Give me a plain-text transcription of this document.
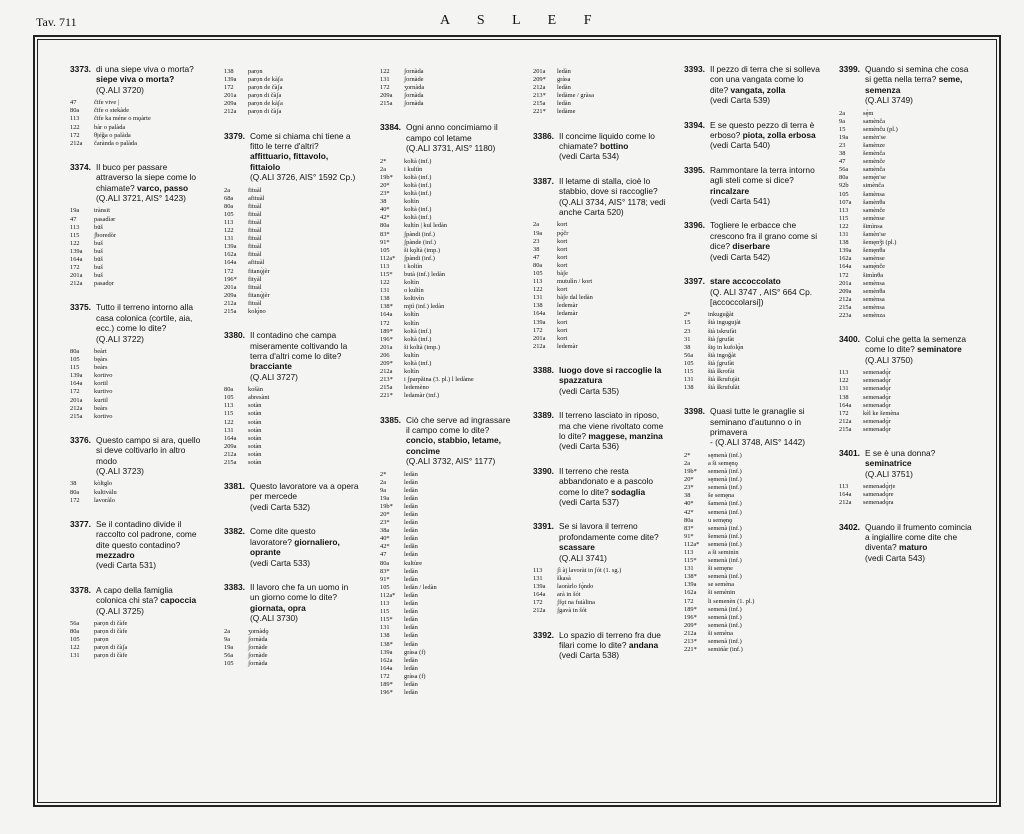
Tav. 711	A S L E F
3373. di una siepe viva o morta? siepe viva o morta?
(Q.ALI 3720)
47	čife vive |
80a	čife o stekàde
113	čife ka méne o mǫàrte
122	bàr o palàda
172	θjéǧa o palàda
212a	čarànda o palàda
3374. Il buco per passare attraverso la siepe come lo chiamate? varco, passo
(Q.ALI 3721, AIS° 1423)
19a	trànsit
47	pasadìǝr
113	büš
115	ʃboredòr
122	buš
139a	buš
164a	büš
172	buš
201a	buš
212a	pasadọr
3375. Tutto il terreno intorno alla casa colonica (cortile, aia, ecc.) come lo dite?
(Q.ALI 3722)
80a	beàrt
105	bęàrs
115	beàrs
139a	kortivo
164a	kortil
172	kurtivo
201a	kurtil
212a	beàrs
215a	kortivo
3376. Questo campo si ara, quello si deve coltivarlo in altro modo
(Q.ALI 3723)
38	kòltglo
80a	kultivàlu
172	lavoràlo
3377. Se il contadino divide il raccolto col padrone, come dite questo contadino? mezzadro
(vedi Carta 531)
3378. A capo della famiglia colonica chi sta? capoccia
(Q.ALI 3725)
56a	parọn di čàfe
80a	parọn di čàfe
105	parọn
122	parọn di čàʃa
131	parọn di čàfe
138	parọn
139a	parọn de kàʃa
172	parọn de čàʃa
201a	parọn di čàʃa
209a	parọn de kàʃa
212a	parọn di čàʃa
3379. Come si chiama chi tiene a fitto le terre d'altri? affittuario, fittavolo, fittaiolo
(Q.ALI 3726, AIS° 1592 Cp.)
2a	fituàl
68a	afituàl
80a	fituàl
105	fituàl
113	fituàl
122	fituàl
131	fituàl
139a	fituàl
162a	fituàl
164a	afituàl
172	fitanǫ̀jèr
196*	fityàl
201a	fituàl
209a	fitanǫ̀jèr
212a	fituàl
215a	kolǫ̀no
3380. Il contadino che campa miseramente coltivando la terra d'altri come lo dite? bracciante
(Q.ALI 3727)
80a	košàn
105	abresànt
113	sotàn
115	sotàn
122	sotàn
131	sotàn
164a	sotàn
209a	sotàn
212a	sotàn
215a	sotàn
3381. Questo lavoratore va a opera per mercede
(vedi Carta 532)
3382. Come dite questo lavoratore? giornaliero, oprante
(vedi Carta 533)
3383. Il lavoro che fa un uomo in un giorno come lo dite? giornata, opra
(Q.ALI 3730)
2a	ʒornàdǫ
9a	ʃornàda
19a	ʃornàde
56a	ʃornàde
105	ʃornàda
122	ʃornàda
131	ʃornàde
172	ʒornàda
209a	ʃornàda
215a	ʃornàda
3384. Ogni anno concimiamo il campo col letame
(Q.ALI 3731, AIS° 1180)
2*	koltà (inf.)
2a	i kultìn
19b*	koltà (inf.)
20*	koltà (inf.)
23*	koltà (inf.)
38	koltìn
40*	koltà (inf.)
42*	koltà (inf.)
80a	kultìn | kul ledàn
83*	ʃpàndi (inf.)
91*	ʃpànde (inf.)
105	ši kǫltà (imp.)
112a*	ʃpàndi (inf.)
113	i koltìn
115*	butà (inf.) ledàn
122	koltìn
131	o kultìn
138	koltivìn
138*	mjtì (inf.) ledàn
164a	koltìn
172	koltìn
189*	koltà (inf.)
196*	koltà (inf.)
201a	ši koltà (imp.)
206	kultìn
209*	koltà (inf.)
212a	koltìn
213*	i ʃparpǎina (3. pl.) l ledàme
215a	ledemèno
221*	ledamàr (inf.)
3385. Ciò che serve ad ingrassare il campo come lo dite? concio, stabbio, letame, concime
(Q.ALI 3732, AIS° 1177)
2*	ledàn
2a	ledàn
9a	ledàn
19a	ledàn
19b*	ledàn
20*	ledàn
23*	ledàn
38a	ledàn
40*	ledàn
42*	ledǎn
47	ledàn
80a	kultùre
83*	ledàn
91*	ledàn
105	ledàn / ledàn
112a*	ledàn
113	ledàn
115	ledàn
115*	ledàn
131	ledàn
138	ledàn
138*	ledàn
139a	gràsa (f)
162a	ledàn
164a	ledàn
172	gràsa (f)
189*	ledàn
196*	ledàn
201a	ledàn
209*	gràsa
212a	ledàn
213*	ledàme / gràsa
215a	ledàn
221*	ledàme
3386. Il concime liquido come lo chiamate? bottino
(vedi Carta 534)
3387. Il letame di stalla, cioè lo stabbio, dove si raccoglie?
(Q.ALI 3734, AIS° 1178; vedi anche Carta 520)
2a	kort
19a	pǫ̀čr
23	kort
38	kort
47	kort
80a	kort
105	bàʃe
113	mutulìn / kort
122	kort
131	bàʃe dal ledàn
138	ledemàr
164a	ledamàr
139a	kort
172	kort
201a	kort
212a	ledemàr
3388. luogo dove si raccoglie la spazzatura
(vedi Carta 535)
3389. Il terreno lasciato in riposo, ma che viene rivoltato come lo dite? maggese, manzina
(vedi Carta 536)
3390. Il terreno che resta abbandonato e a pascolo come lo dite? sodaglia
(vedi Carta 537)
3391. Se si lavora il terreno profondamente come dite? scassare
(Q.ALI 3741)
113	ʃì àj lavoràt in ʃót (1. sg.)
131	škasà
139a	laoràrlo fǫ̀ndo
164a	arà in šót
172	ʃfǫt na fuiàlina
212a	ʃgavà in šót
3392. Lo spazio di terreno fra due filari come lo dite? andana
(vedi Carta 538)
3393. Il pezzo di terra che si solleva con una vangata come lo dite? vangata, zolla
(vedi Carta 539)
3394. E se questo pezzo di terra è erboso? piota, zolla erbosa
(vedi Carta 540)
3395. Rammontare la terra intorno agli steli come si dice? rincalzare
(vedi Carta 541)
3396. Togliere le erbacce che crescono fra il grano come si dice? diserbare
(vedi Carta 542)
3397. stare accoccolato
(Q. ALI 3747 , AIS° 664 Cp. [accoccolarsi])
2*	inkuguǧàt
15	štà ingugujàt
23	štà iskrufàt
31	štà ʃgrufàt
38	štǫ in kufolǫ̀n
56a	štà ingoǧàt
105	štà ʃgrufàt
115	štà škrofàt
131	štà škrufujàt
138	štà škrufulàt
3398. Quasi tutte le granaglie si seminano d'autunno o in primavera
- (Q.ALI 3748, AIS° 1442)
2*	sęmenà (inf.)
2a	a ši semęnǫ
19b*	semenà (inf.)
20*	sęmenà (inf.)
23*	semenà (inf.)
38	še semęna
40*	šamenà (inf.)
42*	semenà (inf.)
80a	u semęnǫ
83*	semenà (inf.)
91*	šemenà (inf.)
112a*	semenà (inf.)
113	a ši seminìn
115*	semenà (inf.)
131	ši semęne
138*	semenà (inf.)
139a	se semèna
162a	ši semènin
172	li semenèn (1. pl.)
189*	semenà (inf.)
196*	semenà (inf.)
209*	semenà (inf.)
212a	ši semèna
213*	semenà (inf.)
221*	semińàr (inf.)
3399. Quando si semina che cosa si getta nella terra? seme, semenza
(Q.ALI 3749)
2a	sę̀m
9a	samènča
15	semènču (pl.)
19a	semèn'se
23	šamènze
38	šemènča
47	semènče
56a	samènča
80a	semę̀n'se
92b	simènča
105	šamènsa
107a	šamènθa
113	samènče
115	semènse
122	šimìnsa
131	šamèn'se
138	šemęnǯi (pl.)
139a	šemęnθa
162a	samènse
164a	samę̀nče
172	šimìnθa
201a	semènsa
209a	semènθa
212a	semènsa
215a	semènsa
223a	semènza
3400. Colui che getta la semenza come lo dite? seminatore
(Q.ALI 3750)
113	semenadǫ̀r
122	semenadǫ̀r
131	semenadǫ̀r
138	semenadǫ̀r
164a	semenadǫ̀r
172	kèl ke šemèna
212a	semenadǫ̀r
215a	semenadǫ̀r
3401. E se è una donna? seminatrice
(Q.ALI 3751)
113	semenadǫ̀rje
164a	samenadǫ̀re
212a	semenadǫ̀ra
3402. Quando il frumento comincia a ingiallire come dite che diventa? maturo
(vedi Carta 543)
